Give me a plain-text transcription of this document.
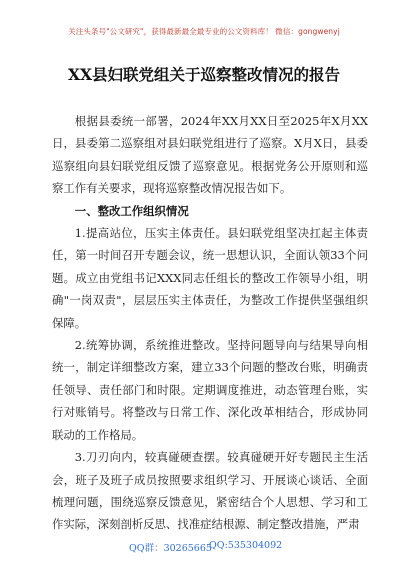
关注头条号"公文研究"，获得最新最全最专业的公文资料库！ 微信：gongwenyj
XX县妇联党组关于巡察整改情况的报告

根据县委统一部署，2024年XX月XX日至2025年X月XX日，县委第二巡察组对县妇联党组进行了巡察。X月X日，县委巡察组向县妇联党组反馈了巡察意见。根据党务公开原则和巡察工作有关要求，现将巡察整改情况报告如下。

一、整改工作组织情况

1.提高站位，压实主体责任。县妇联党组坚决扛起主体责任，第一时间召开专题会议，统一思想认识，全面认领33个问题。成立由党组书记XXX同志任组长的整改工作领导小组，明确"一岗双责"，层层压实主体责任，为整改工作提供坚强组织保障。

2.统筹协调，系统推进整改。坚持问题导向与结果导向相统一，制定详细整改方案，建立33个问题的整改台账，明确责任领导、责任部门和时限。定期调度推进，动态管理台账，实行对账销号。将整改与日常工作、深化改革相结合，形成协同联动的工作格局。

3.刀刃向内，较真碰硬查摆。较真碰硬开好专题民主生活会，班子及班子成员按照要求组织学习、开展谈心谈话、全面梳理问题，围绕巡察反馈意见，紧密结合个人思想、学习和工作实际，深刻剖析反思、找准症结根源、制定整改措施，严肃

QQ群：30265665
QQ:535304092
